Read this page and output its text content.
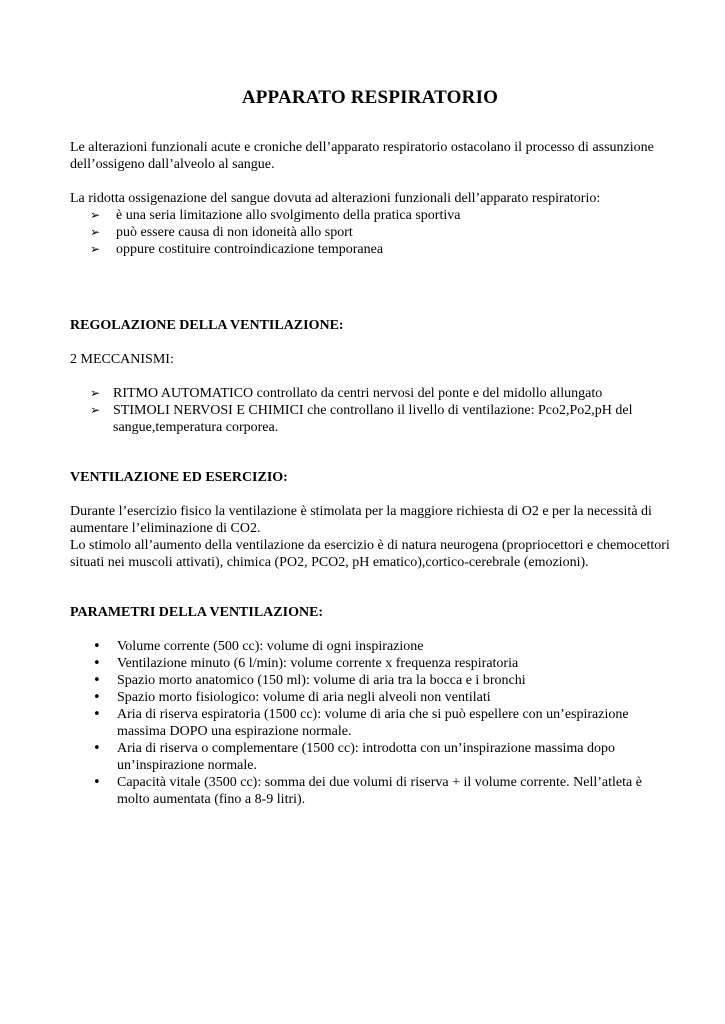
APPARATO RESPIRATORIO

Le alterazioni funzionali acute e croniche dell’apparato respiratorio ostacolano il processo di assunzione dell’ossigeno dall’alveolo al sangue.

La ridotta ossigenazione del sangue dovuta ad alterazioni funzionali dell’apparato respiratorio:

➢ è una seria limitazione allo svolgimento della pratica sportiva
➢ può essere causa di non idoneità allo sport
➢ oppure costituire controindicazione temporanea

REGOLAZIONE DELLA VENTILAZIONE:

2 MECCANISMI:

➢ RITMO AUTOMATICO controllato da centri nervosi del ponte e del midollo allungato
➢ STIMOLI NERVOSI E CHIMICI che controllano il livello di ventilazione: Pco2,Po2,pH del sangue,temperatura corporea.

VENTILAZIONE ED ESERCIZIO:

Durante l’esercizio fisico la ventilazione è stimolata per la maggiore richiesta di O2 e per la necessità di aumentare l’eliminazione di CO2.

Lo stimolo all’aumento della ventilazione da esercizio è di natura neurogena (propriocettori e chemocettori situati nei muscoli attivati), chimica (PO2, PCO2, pH ematico),cortico-cerebrale (emozioni).

PARAMETRI DELLA VENTILAZIONE:

• Volume corrente (500 cc): volume di ogni inspirazione
• Ventilazione minuto (6 l/min): volume corrente x frequenza respiratoria
• Spazio morto anatomico (150 ml): volume di aria tra la bocca e i bronchi
• Spazio morto fisiologico: volume di aria negli alveoli non ventilati
• Aria di riserva espiratoria (1500 cc): volume di aria che si può espellere con un’espirazione massima DOPO una espirazione normale.
• Aria di riserva o complementare (1500 cc): introdotta con un’inspirazione massima dopo un’inspirazione normale.
• Capacità vitale (3500 cc): somma dei due volumi di riserva + il volume corrente. Nell’atleta è molto aumentata (fino a 8-9 litri).
